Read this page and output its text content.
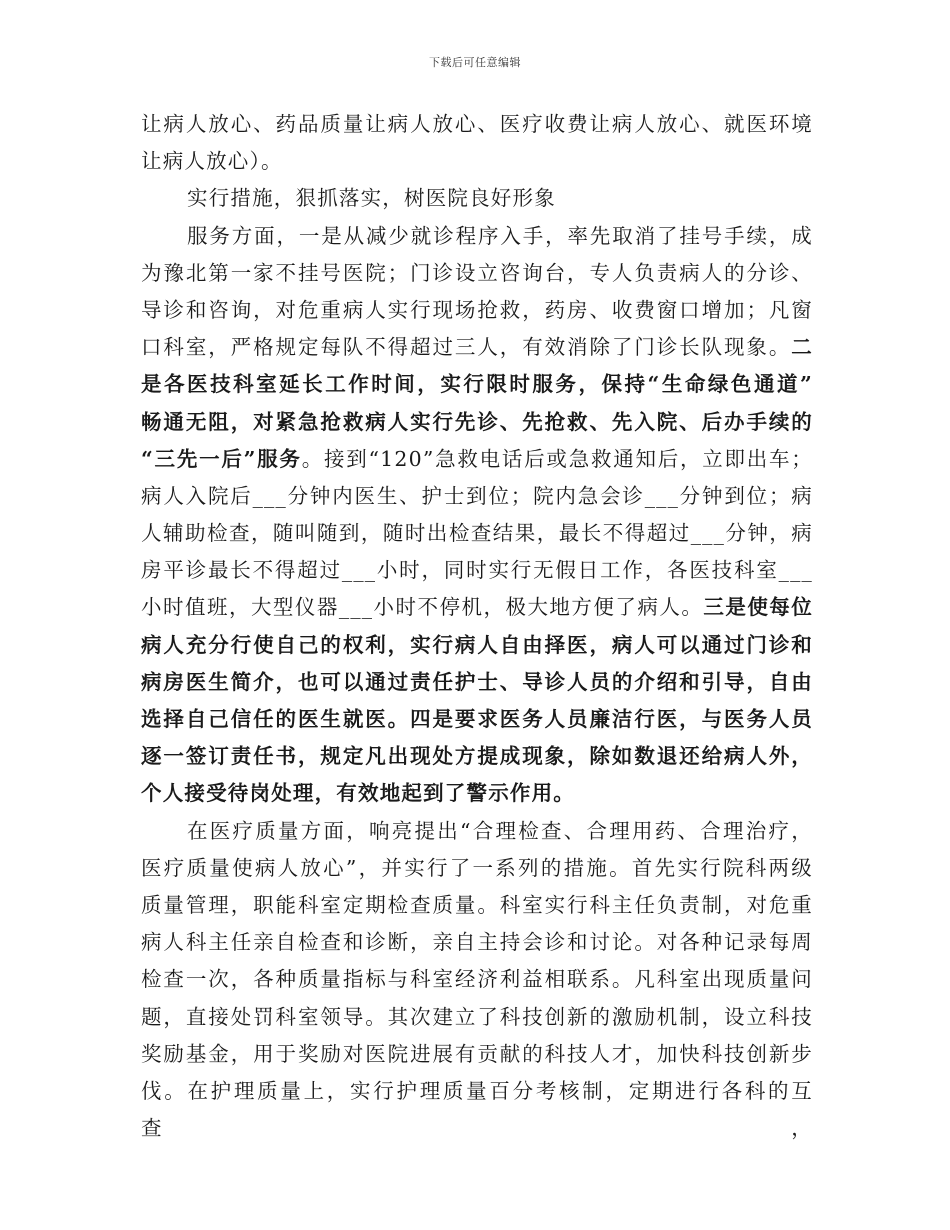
下载后可任意编辑
让病人放心、药品质量让病人放心、医疗收费让病人放心、就医环境
让病人放心）。
实行措施，狠抓落实，树医院良好形象
服务方面，一是从减少就诊程序入手，率先取消了挂号手续，成
为豫北第一家不挂号医院；门诊设立咨询台，专人负责病人的分诊、
导诊和咨询，对危重病人实行现场抢救，药房、收费窗口增加；凡窗
口科室，严格规定每队不得超过三人，有效消除了门诊长队现象。二
是各医技科室延长工作时间，实行限时服务，保持“生命绿色通道”
畅通无阻，对紧急抢救病人实行先诊、先抢救、先入院、后办手续的
“三先一后”服务。接到“120”急救电话后或急救通知后，立即出车；
病人入院后___分钟内医生、护士到位；院内急会诊___分钟到位；病
人辅助检查，随叫随到，随时出检查结果，最长不得超过___分钟，病
房平诊最长不得超过___小时，同时实行无假日工作，各医技科室___
小时值班，大型仪器___小时不停机，极大地方便了病人。三是使每位
病人充分行使自己的权利，实行病人自由择医，病人可以通过门诊和
病房医生简介，也可以通过责任护士、导诊人员的介绍和引导，自由
选择自己信任的医生就医。四是要求医务人员廉洁行医，与医务人员
逐一签订责任书，规定凡出现处方提成现象，除如数退还给病人外，
个人接受待岗处理，有效地起到了警示作用。
在医疗质量方面，响亮提出“合理检查、合理用药、合理治疗，
医疗质量使病人放心”，并实行了一系列的措施。首先实行院科两级
质量管理，职能科室定期检查质量。科室实行科主任负责制，对危重
病人科主任亲自检查和诊断，亲自主持会诊和讨论。对各种记录每周
检查一次，各种质量指标与科室经济利益相联系。凡科室出现质量问
题，直接处罚科室领导。其次建立了科技创新的激励机制，设立科技
奖励基金，用于奖励对医院进展有贡献的科技人才，加快科技创新步
伐。在护理质量上，实行护理质量百分考核制，定期进行各科的互查，
